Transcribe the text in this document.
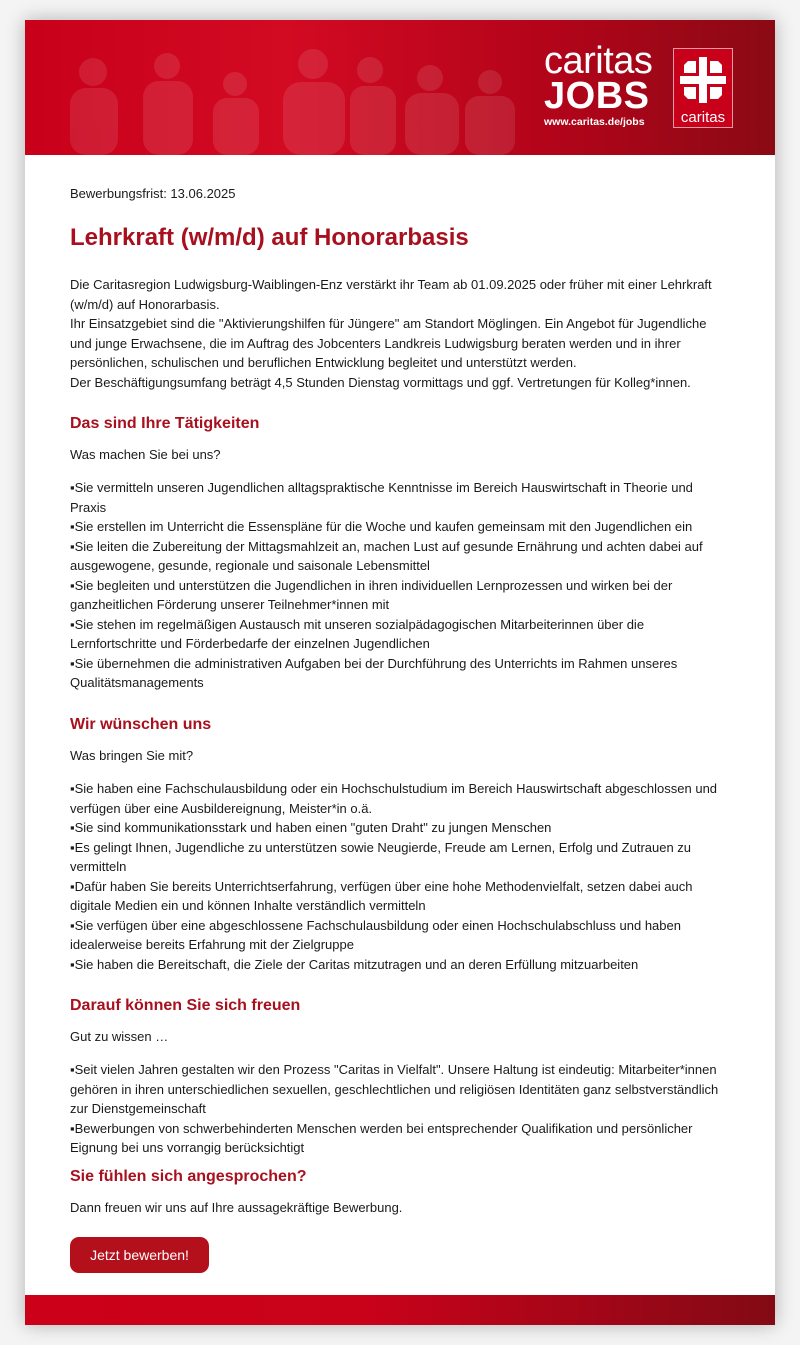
caritas
JOBS
www.caritas.de/jobs	caritas
Bewerbungsfrist: 13.06.2025
Lehrkraft (w/m/d) auf Honorarbasis
Die Caritasregion Ludwigsburg-Waiblingen-Enz verstärkt ihr Team ab 01.09.2025 oder früher mit einer Lehrkraft (w/m/d) auf Honorarbasis.
Ihr Einsatzgebiet sind die "Aktivierungshilfen für Jüngere" am Standort Möglingen. Ein Angebot für Jugendliche und junge Erwachsene, die im Auftrag des Jobcenters Landkreis Ludwigsburg beraten werden und in ihrer persönlichen, schulischen und beruflichen Entwicklung begleitet und unterstützt werden.
Der Beschäftigungsumfang beträgt 4,5 Stunden Dienstag vormittags und ggf. Vertretungen für Kolleg*innen.
Das sind Ihre Tätigkeiten
Was machen Sie bei uns?
▪Sie vermitteln unseren Jugendlichen alltagspraktische Kenntnisse im Bereich Hauswirtschaft in Theorie und Praxis
▪Sie erstellen im Unterricht die Essenspläne für die Woche und kaufen gemeinsam mit den Jugendlichen ein
▪Sie leiten die Zubereitung der Mittagsmahlzeit an, machen Lust auf gesunde Ernährung und achten dabei auf ausgewogene, gesunde, regionale und saisonale Lebensmittel
▪Sie begleiten und unterstützen die Jugendlichen in ihren individuellen Lernprozessen und wirken bei der ganzheitlichen Förderung unserer Teilnehmer*innen mit
▪Sie stehen im regelmäßigen Austausch mit unseren sozialpädagogischen Mitarbeiterinnen über die Lernfortschritte und Förderbedarfe der einzelnen Jugendlichen
▪Sie übernehmen die administrativen Aufgaben bei der Durchführung des Unterrichts im Rahmen unseres Qualitätsmanagements
Wir wünschen uns
Was bringen Sie mit?
▪Sie haben eine Fachschulausbildung oder ein Hochschulstudium im Bereich Hauswirtschaft abgeschlossen und verfügen über eine Ausbildereignung, Meister*in o.ä.
▪Sie sind kommunikationsstark und haben einen "guten Draht" zu jungen Menschen
▪Es gelingt Ihnen, Jugendliche zu unterstützen sowie Neugierde, Freude am Lernen, Erfolg und Zutrauen zu vermitteln
▪Dafür haben Sie bereits Unterrichtserfahrung, verfügen über eine hohe Methodenvielfalt, setzen dabei auch digitale Medien ein und können Inhalte verständlich vermitteln
▪Sie verfügen über eine abgeschlossene Fachschulausbildung oder einen Hochschulabschluss und haben idealerweise bereits Erfahrung mit der Zielgruppe
▪Sie haben die Bereitschaft, die Ziele der Caritas mitzutragen und an deren Erfüllung mitzuarbeiten
Darauf können Sie sich freuen
Gut zu wissen …
▪Seit vielen Jahren gestalten wir den Prozess "Caritas in Vielfalt". Unsere Haltung ist eindeutig: Mitarbeiter*innen gehören in ihren unterschiedlichen sexuellen, geschlechtlichen und religiösen Identitäten ganz selbstverständlich zur Dienstgemeinschaft
▪Bewerbungen von schwerbehinderten Menschen werden bei entsprechender Qualifikation und persönlicher Eignung bei uns vorrangig berücksichtigt
Sie fühlen sich angesprochen?
Dann freuen wir uns auf Ihre aussagekräftige Bewerbung.
Jetzt bewerben!
